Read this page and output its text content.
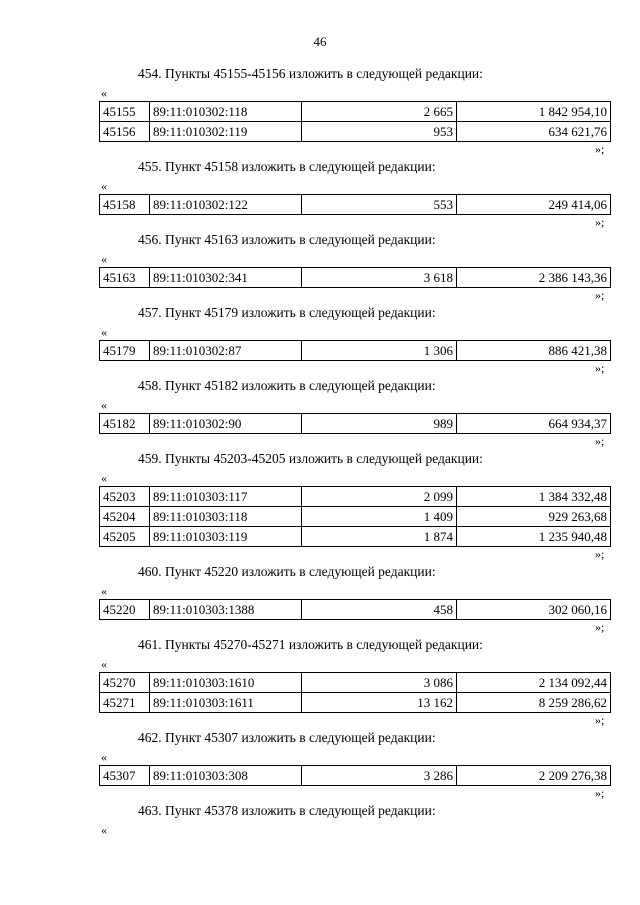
46
454. Пункты 45155-45156 изложить в следующей редакции:
«
45155	89:11:010302:118	2 665	1 842 954,10
45156	89:11:010302:119	953	634 621,76
»;
455. Пункт 45158 изложить в следующей редакции:
«
45158	89:11:010302:122	553	249 414,06
»;
456. Пункт 45163 изложить в следующей редакции:
«
45163	89:11:010302:341	3 618	2 386 143,36
»;
457. Пункт 45179 изложить в следующей редакции:
«
45179	89:11:010302:87	1 306	886 421,38
»;
458. Пункт 45182 изложить в следующей редакции:
«
45182	89:11:010302:90	989	664 934,37
»;
459. Пункты 45203-45205 изложить в следующей редакции:
«
45203	89:11:010303:117	2 099	1 384 332,48
45204	89:11:010303:118	1 409	929 263,68
45205	89:11:010303:119	1 874	1 235 940,48
»;
460. Пункт 45220 изложить в следующей редакции:
«
45220	89:11:010303:1388	458	302 060,16
»;
461. Пункты 45270-45271 изложить в следующей редакции:
«
45270	89:11:010303:1610	3 086	2 134 092,44
45271	89:11:010303:1611	13 162	8 259 286,62
»;
462. Пункт 45307 изложить в следующей редакции:
«
45307	89:11:010303:308	3 286	2 209 276,38
»;
463. Пункт 45378 изложить в следующей редакции:
«
